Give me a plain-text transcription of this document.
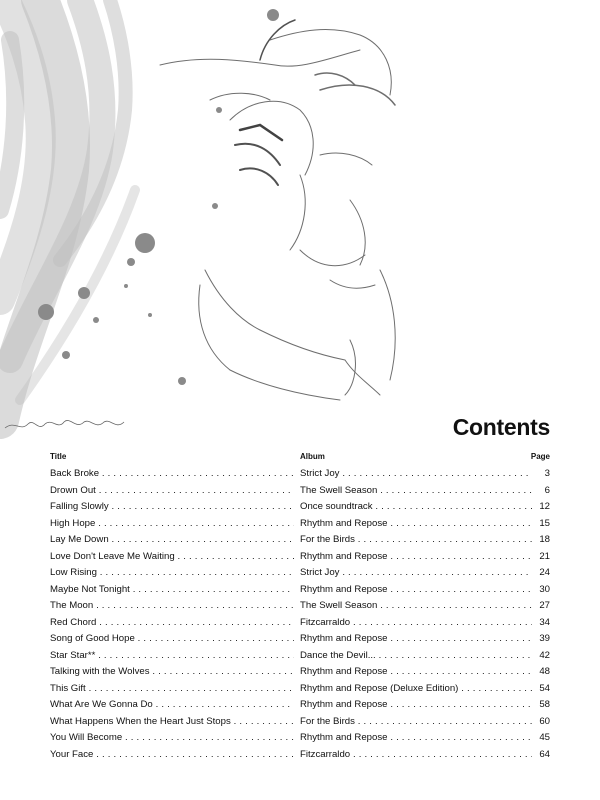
Contents
Title	Album	Page
Back Broke . . .	Strict Joy . . .	3
Drown Out . . .	The Swell Season . . .	6
Falling Slowly . . .	Once soundtrack . . .	12
High Hope . . .	Rhythm and Repose . . .	15
Lay Me Down . . .	For the Birds . . .	18
Love Don't Leave Me Waiting . . .	Rhythm and Repose . . .	21
Low Rising . . .	Strict Joy . . .	24
Maybe Not Tonight . . .	Rhythm and Repose . . .	30
The Moon . . .	The Swell Season . . .	27
Red Chord . . .	Fitzcarraldo . . .	34
Song of Good Hope . . .	Rhythm and Repose . . .	39
Star Star** . . .	Dance the Devil... . . .	42
Talking with the Wolves . . .	Rhythm and Repose . . .	48
This Gift . . .	Rhythm and Repose (Deluxe Edition) . . .	54
What Are We Gonna Do . . .	Rhythm and Repose . . .	58
What Happens When the Heart Just Stops . . .	For the Birds . . .	60
You Will Become . . .	Rhythm and Repose . . .	45
Your Face . . .	Fitzcarraldo . . .	64
